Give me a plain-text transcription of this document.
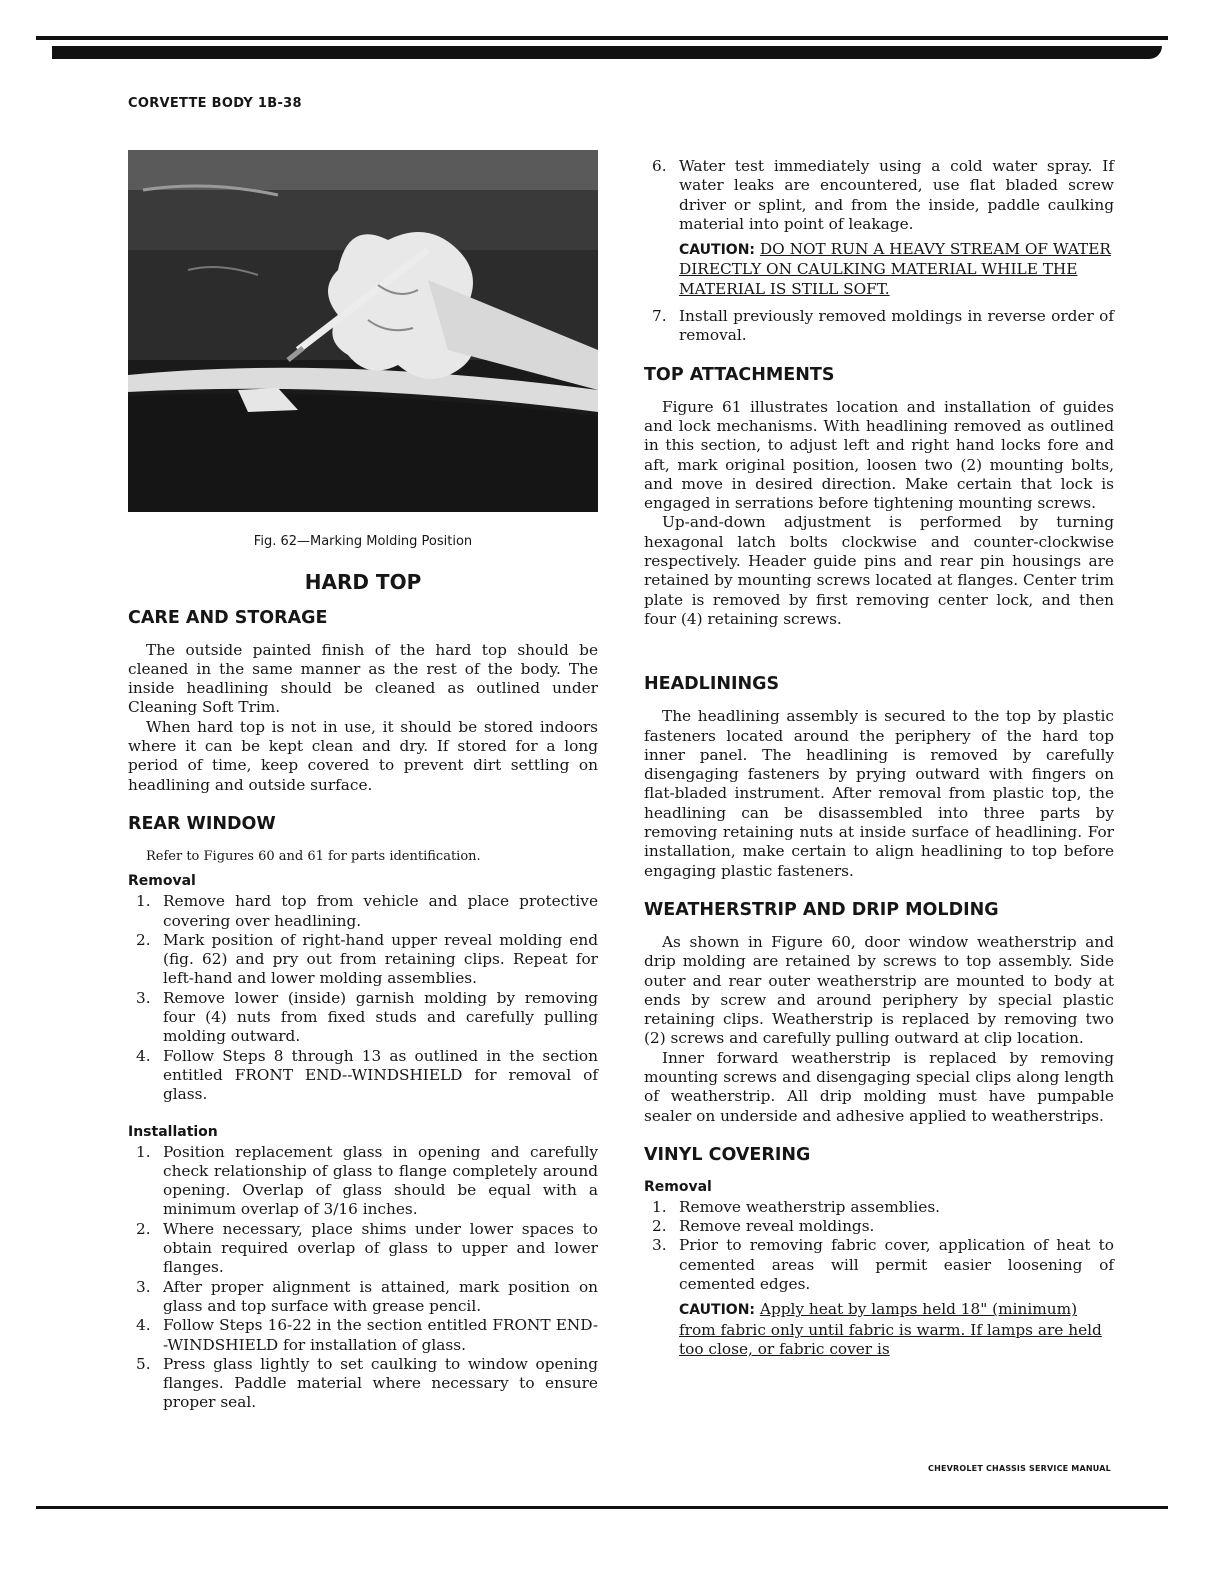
CORVETTE BODY 1B-38
Fig. 62—Marking Molding Position
HARD TOP
CARE AND STORAGE

The outside painted finish of the hard top should be cleaned in the same manner as the rest of the body. The inside headlining should be cleaned as outlined under Cleaning Soft Trim.

When hard top is not in use, it should be stored indoors where it can be kept clean and dry. If stored for a long period of time, keep covered to prevent dirt settling on headlining and outside surface.

REAR WINDOW

Refer to Figures 60 and 61 for parts identification.

Removal
1. Remove hard top from vehicle and place protective covering over headlining.
2. Mark position of right-hand upper reveal molding end (fig. 62) and pry out from retaining clips. Repeat for left-hand and lower molding assemblies.
3. Remove lower (inside) garnish molding by removing four (4) nuts from fixed studs and carefully pulling molding outward.
4. Follow Steps 8 through 13 as outlined in the section entitled FRONT END--WINDSHIELD for removal of glass.
Installation
1. Position replacement glass in opening and carefully check relationship of glass to flange completely around opening. Overlap of glass should be equal with a minimum overlap of 3/16 inches.
2. Where necessary, place shims under lower spaces to obtain required overlap of glass to upper and lower flanges.
3. After proper alignment is attained, mark position on glass and top surface with grease pencil.
4. Follow Steps 16-22 in the section entitled FRONT END--WINDSHIELD for installation of glass.
5. Press glass lightly to set caulking to window opening flanges. Paddle material where necessary to ensure proper seal.
6. Water test immediately using a cold water spray. If water leaks are encountered, use flat bladed screw driver or splint, and from the inside, paddle caulking material into point of leakage.
CAUTION: DO NOT RUN A HEAVY STREAM OF WATER DIRECTLY ON CAULKING MATERIAL WHILE THE MATERIAL IS STILL SOFT.
7. Install previously removed moldings in reverse order of removal.
TOP ATTACHMENTS

Figure 61 illustrates location and installation of guides and lock mechanisms. With headlining removed as outlined in this section, to adjust left and right hand locks fore and aft, mark original position, loosen two (2) mounting bolts, and move in desired direction. Make certain that lock is engaged in serrations before tightening mounting screws.

Up-and-down adjustment is performed by turning hexagonal latch bolts clockwise and counter-clockwise respectively. Header guide pins and rear pin housings are retained by mounting screws located at flanges. Center trim plate is removed by first removing center lock, and then four (4) retaining screws.

HEADLININGS

The headlining assembly is secured to the top by plastic fasteners located around the periphery of the hard top inner panel. The headlining is removed by carefully disengaging fasteners by prying outward with fingers on flat-bladed instrument. After removal from plastic top, the headlining can be disassembled into three parts by removing retaining nuts at inside surface of headlining. For installation, make certain to align headlining to top before engaging plastic fasteners.

WEATHERSTRIP AND DRIP MOLDING

As shown in Figure 60, door window weatherstrip and drip molding are retained by screws to top assembly. Side outer and rear outer weatherstrip are mounted to body at ends by screw and around periphery by special plastic retaining clips. Weatherstrip is replaced by removing two (2) screws and carefully pulling outward at clip location.

Inner forward weatherstrip is replaced by removing mounting screws and disengaging special clips along length of weatherstrip. All drip molding must have pumpable sealer on underside and adhesive applied to weatherstrips.

VINYL COVERING
Removal
1. Remove weatherstrip assemblies.
2. Remove reveal moldings.
3. Prior to removing fabric cover, application of heat to cemented areas will permit easier loosening of cemented edges.
CAUTION: Apply heat by lamps held 18" (minimum) from fabric only until fabric is warm. If lamps are held too close, or fabric cover is
CHEVROLET CHASSIS SERVICE MANUAL
